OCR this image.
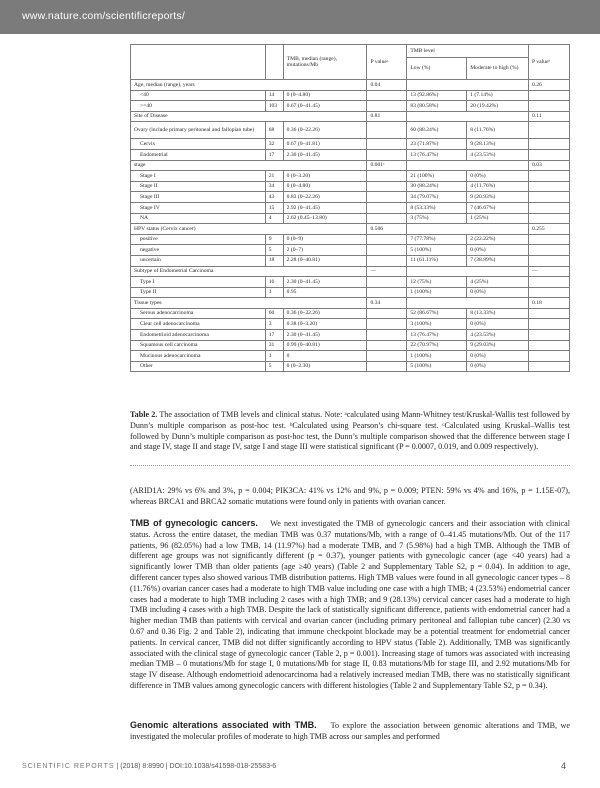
www.nature.com/scientificreports/
		TMB, median (range), mutations/Mb	P valueᵃ	TMB level		P valueᵇ
				Low (%)	Moderate to high (%)	
Age, median (range), years			0.04			0.26
<40	14	0 (0–4.80)		13 (92.86%)	1 (7.14%)	
>=40	103	0.67 (0–41.45)		83 (80.58%)	20 (19.42%)	
Site of Disease			0.81			0.11
Ovary (include primary peritoneal and fallopian tube)	68	0.36 (0–22.26)		60 (88.24%)	8 (11.76%)	
Cervix	32	0.67 (0–41.81)		23 (71.87%)	9 (28.13%)	
Endometrial	17	2.30 (0–41.45)		13 (76.47%)	4 (23.53%)	
stage			0.001ᶜ			0.03
Stage I	21	0 (0–3.20)		21 (100%)	0 (0%)	
Stage II	34	0 (0–4.80)		30 (88.24%)	4 (11.76%)	
Stage III	43	0.83 (0–22.26)		34 (79.07%)	9 (20.93%)	
Stage IV	15	2.92 (0–41.45)		8 (53.33%)	7 (46.67%)	
NA	4	2.62 (0.45–13.80)		3 (75%)	1 (25%)	
HPV status (Cervix cancer)			0.506			0.255
positive	9	0 (0–9)		7 (77.78%)	2 (22.22%)	
negative	5	2 (0–7)		5 (100%)	0 (0%)	
uncertain	18	2.28 (0–40.81)		11 (61.11%)	7 (38.89%)	
Subtype of Endometrial Carcinoma			—			—
Type I	16	2.30 (0–41.45)		12 (75%)	4 (25%)	
Type II	1	0.95		1 (100%)	0 (0%)	
Tissue types			0.34			0.18
Serous adenocarcinoma	60	0.36 (0–22.26)		52 (86.67%)	8 (13.33%)	
Clear cell adenocarcinoma	3	0.38 (0–3.20)		3 (100%)	0 (0%)	
Endometrioid adenocarcinoma	17	2.30 (0–41.45)		13 (76.47%)	4 (23.53%)	
Squamous cell carcinoma	31	0.99 (0–40.81)		22 (70.97%)	9 (29.03%)	
Mucinous adenocarcinoma	1	0		1 (100%)	0 (0%)	
Other	5	0 (0–2.30)		5 (100%)	0 (0%)	
Table 2. The association of TMB levels and clinical status. Note: ᵃcalculated using Mann-Whitney test/Kruskal-Wallis test followed by Dunn’s multiple comparison as post-hoc test. ᵇCalculated using Pearson’s chi-square test. ᶜCalculated using Kruskal–Wallis test followed by Dunn’s multiple comparison as post-hoc test, the Dunn’s multiple comparison showed that the difference between stage I and stage IV, stage II and stage IV, satge I and stage III were statistical significant (P = 0.0007, 0.019, and 0.009 respectively).
(ARID1A: 29% vs 6% and 3%, p = 0.004; PIK3CA: 41% vs 12% and 9%, p = 0.009; PTEN: 59% vs 4% and 16%, p = 1.15E-07), whereas BRCA1 and BRCA2 somatic mutations were found only in patients with ovarian cancer.
TMB of gynecologic cancers. We next investigated the TMB of gynecologic cancers and their association with clinical status. Across the entire dataset, the median TMB was 0.37 mutations/Mb, with a range of 0–41.45 mutations/Mb. Out of the 117 patients, 96 (82.05%) had a low TMB, 14 (11.97%) had a moderate TMB, and 7 (5.98%) had a high TMB. Although the TMB of different age groups was not significantly different (p = 0.37), younger patients with gynecologic cancer (age <40 years) had a significantly lower TMB than older patients (age ≥40 years) (Table 2 and Supplementary Table S2, p = 0.04). In addition to age, different cancer types also showed various TMB distribution patterns. High TMB values were found in all gynecologic cancer types – 8 (11.76%) ovarian cancer cases had a moderate to high TMB value including one case with a high TMB; 4 (23.53%) endometrial cancer cases had a moderate to high TMB including 2 cases with a high TMB; and 9 (28.13%) cervical cancer cases had a moderate to high TMB including 4 cases with a high TMB. Despite the lack of statistically significant difference, patients with endometrial cancer had a higher median TMB than patients with cervical and ovarian cancer (including primary peritoneal and fallopian tube cancer) (2.30 vs 0.67 and 0.36 Fig. 2 and Table 2), indicating that immune checkpoint blockade may be a potential treatment for endometrial cancer patients. In cervical cancer, TMB did not differ significantly according to HPV status (Table 2). Additionally, TMB was significantly associated with the clinical stage of gynecologic cancer (Table 2, p = 0.001). Increasing stage of tumors was associated with increasing median TMB – 0 mutations/Mb for stage I, 0 mutations/Mb for stage II, 0.83 mutations/Mb for stage III, and 2.92 mutations/Mb for stage IV disease. Although endometrioid adenocarcinoma had a relatively increased median TMB, there was no statistically significant difference in TMB values among gynecologic cancers with different histologies (Table 2 and Supplementary Table S2, p = 0.34).
Genomic alterations associated with TMB. To explore the association between genomic alterations and TMB, we investigated the molecular profiles of moderate to high TMB across our samples and performed
SCIENTIFIC REPORTS | (2018) 8:8990 | DOI:10.1038/s41598-018-25583-6	4
